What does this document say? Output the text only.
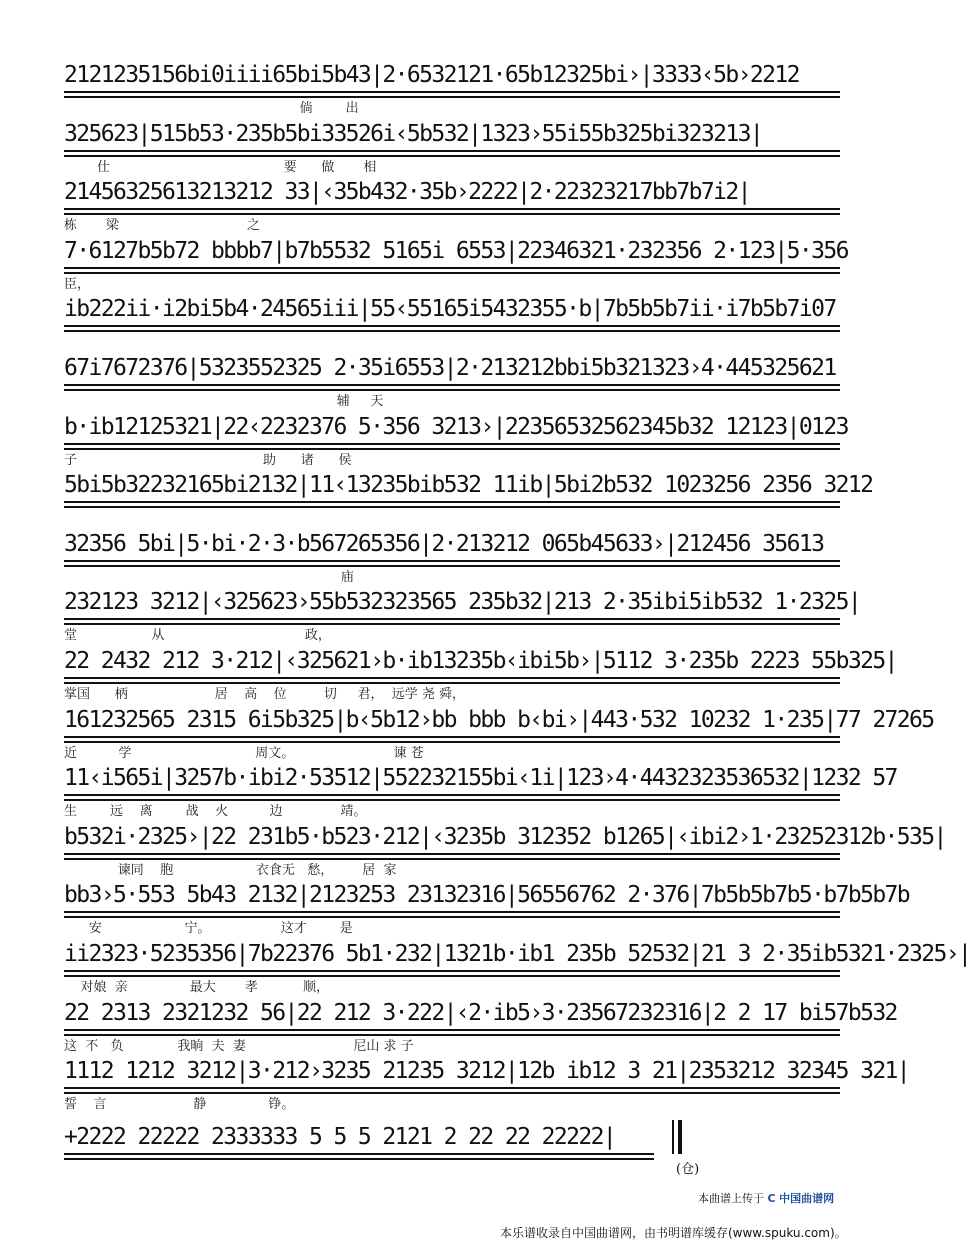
2121235156bi0iiii65bi5b43|2·6532121·65b12325bi›|3333‹5b›2212
倘        出
325623|515b53·235b5bi33526i‹5b532|1323›55i55b325bi323213|
仕                                          要      做       相
21456325613213212 33|‹35b432·35b›2222|2·22323217bb7b7i2|
栋       梁                               之
7·6127b5b72 bbbb7|b7b5532 5165i 6553|22346321·232356 2·123|5·356
臣，
ib222ii·i2bi5b4·24565iii|55‹55165i5432355·b|7b5b5b7ii·i7b5b7i07
67i7672376|5323552325 2·35i6553|2·213212bbi5b321323›4·445325621
辅     天
b·ib12125321|22‹2232376 5·356 3213›|22356532562345b32 12123|0123
子                                             助      诸      侯
5bi5b32232165bi2132|11‹13235bib532 11ib|5bi2b532 1023256 2356 3212
32356 5bi|5·bi·2·3·b567265356|2·213212 065b45633›|212456 35613
庙
232123 3212|‹325623›55b532323565 235b32|213 2·35ibi5ib532 1·2325|
堂                  从                                  政，
22 2432 212 3·212|‹325621›b·ib13235b‹ibi5b›|5112 3·235b 2223 55b325|
掌国      柄                     居    高    位         切     君，  远学 尧 舜，
161232565 2315 6i5b325|b‹5b12›bb bbb b‹bi›|443·532 10232 1·235|77 27265
近          学                              周文。                        谏 苍
11‹i565i|3257b·ibi2·53512|552232155bi‹1i|123›4·4432323536532|1232 57
生        远    离        战    火          边              靖。
b532i·2325›|22 231b5·b523·212|‹3235b 312352 b1265|‹ibi2›1·23252312b·535|
谏同    胞                    衣食无   愁，       居  家
bb3›5·553 5b43 2132|2123253 23132316|56556762 2·376|7b5b5b7b5·b7b5b7b
安                    宁。                 这才        是
ii2323·5235356|7b22376 5b1·232|1321b·ib1 235b 52532|21 3 2·35ib5321·2325›|
对娘  亲               最大       孝           顺，
22 2313 2321232 56|22 212 3·222|‹2·ib5›3·23567232316|2 2 17 bi57b532
这  不   负             我晌  夫  妻                          尼山 求 子
1112 1212 3212|3·212›3235 21235 3212|12b ib12 3 21|2353212 32345 321|
誓    言                     静               铮。
+2222 22222 2333333 5 5 5 2121 2 22 22 22222|
(仓)
本曲谱上传于 C 中国曲谱网
本乐谱收录自中国曲谱网，由书明谱库缓存(www.spuku.com)。
